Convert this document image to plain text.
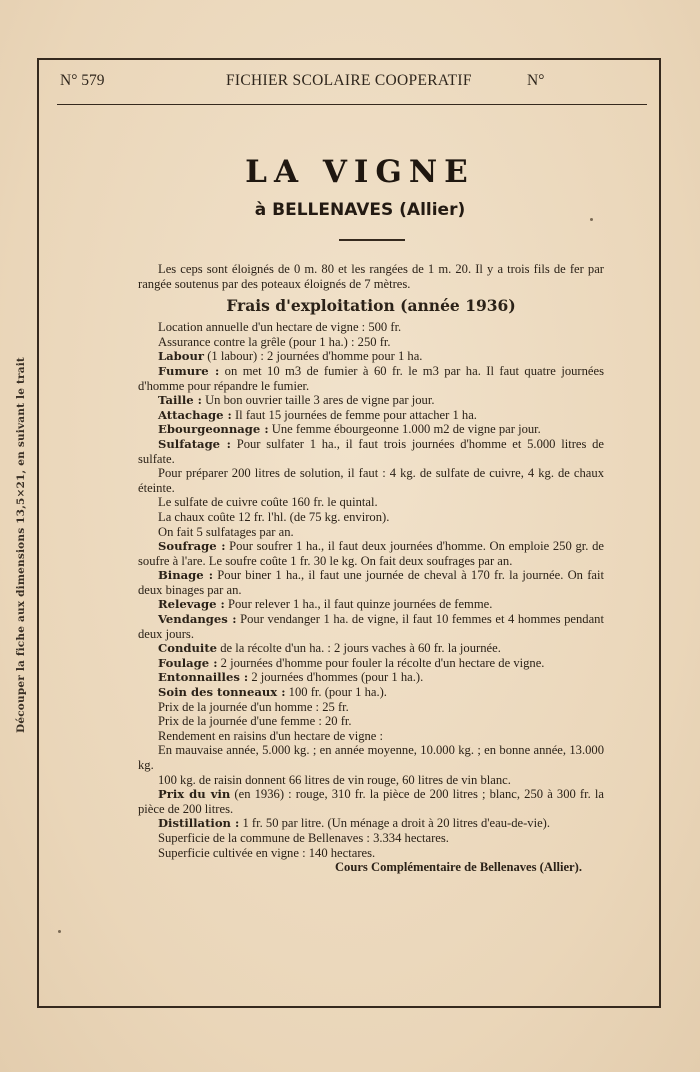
Découper la fiche aux dimensions 13,5×21, en suivant le trait
N° 579	FICHIER SCOLAIRE COOPERATIF	N°
LA VIGNE
à BELLENAVES (Allier)

Les ceps sont éloignés de 0 m. 80 et les rangées de 1 m. 20. Il y a trois fils de fer par rangée soutenus par des poteaux éloignés de 7 mètres.

Frais d'exploitation (année 1936)

Location annuelle d'un hectare de vigne : 500 fr.

Assurance contre la grêle (pour 1 ha.) : 250 fr.

Labour (1 labour) : 2 journées d'homme pour 1 ha.

Fumure : on met 10 m3 de fumier à 60 fr. le m3 par ha. Il faut quatre journées d'homme pour répandre le fumier.

Taille : Un bon ouvrier taille 3 ares de vigne par jour.

Attachage : Il faut 15 journées de femme pour attacher 1 ha.

Ebourgeonnage : Une femme ébourgeonne 1.000 m2 de vigne par jour.

Sulfatage : Pour sulfater 1 ha., il faut trois journées d'homme et 5.000 litres de sulfate.

Pour préparer 200 litres de solution, il faut : 4 kg. de sulfate de cuivre, 4 kg. de chaux éteinte.

Le sulfate de cuivre coûte 160 fr. le quintal.

La chaux coûte 12 fr. l'hl. (de 75 kg. environ).

On fait 5 sulfatages par an.

Soufrage : Pour soufrer 1 ha., il faut deux journées d'homme. On emploie 250 gr. de soufre à l'are. Le soufre coûte 1 fr. 30 le kg. On fait deux soufrages par an.

Binage : Pour biner 1 ha., il faut une journée de cheval à 170 fr. la journée. On fait deux binages par an.

Relevage : Pour relever 1 ha., il faut quinze journées de femme.

Vendanges : Pour vendanger 1 ha. de vigne, il faut 10 femmes et 4 hommes pendant deux jours.

Conduite de la récolte d'un ha. : 2 jours vaches à 60 fr. la journée.

Foulage : 2 journées d'homme pour fouler la récolte d'un hectare de vigne.

Entonnailles : 2 journées d'hommes (pour 1 ha.).

Soin des tonneaux : 100 fr. (pour 1 ha.).

Prix de la journée d'un homme : 25 fr.

Prix de la journée d'une femme : 20 fr.

Rendement en raisins d'un hectare de vigne :

En mauvaise année, 5.000 kg. ; en année moyenne, 10.000 kg. ; en bonne année, 13.000 kg.

100 kg. de raisin donnent 66 litres de vin rouge, 60 litres de vin blanc.

Prix du vin (en 1936) : rouge, 310 fr. la pièce de 200 litres ; blanc, 250 à 300 fr. la pièce de 200 litres.

Distillation : 1 fr. 50 par litre. (Un ménage a droit à 20 litres d'eau-de-vie).

Superficie de la commune de Bellenaves : 3.334 hectares.

Superficie cultivée en vigne : 140 hectares.

Cours Complémentaire de Bellenaves (Allier).
